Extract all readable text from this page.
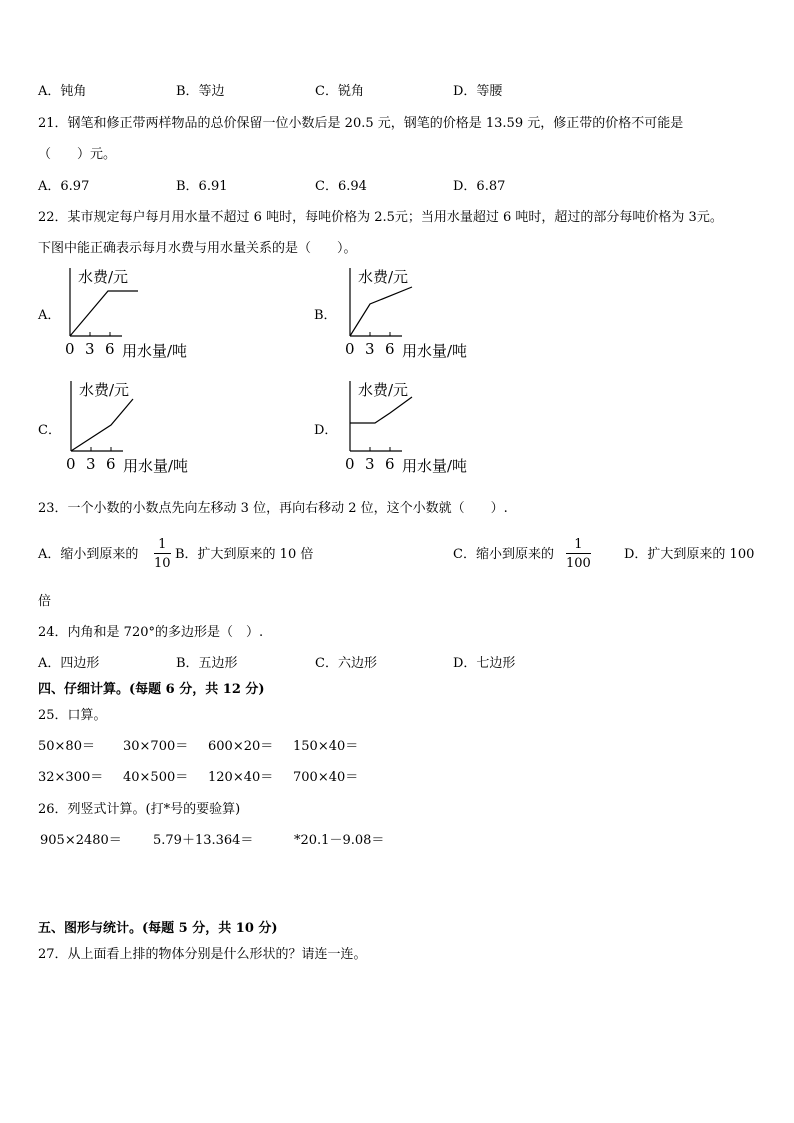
A．钝角	B．等边	C．锐角	D．等腰
21．钢笔和修正带两样物品的总价保留一位小数后是 20.5 元，钢笔的价格是 13.59 元，修正带的价格不可能是
（　　）元。
A．6.97	B．6.91	C．6.94	D．6.87
22．某市规定每户每月用水量不超过 6 吨时，每吨价格为 2.5元；当用水量超过 6 吨时，超过的部分每吨价格为 3元。
下图中能正确表示每月水费与用水量关系的是（　　）。
A．
水费/元
0 3 6 用水量/吨
B．
水费/元
0 3 6 用水量/吨
C．
水费/元
0 3 6 用水量/吨
D．
水费/元
0 3 6 用水量/吨
23．一个小数的小数点先向左移动 3 位，再向右移动 2 位，这个小数就（　　）.
A．缩小到原来的 $\frac{1}{10}$ B．扩大到原来的 10 倍	C．缩小到原来的 $\frac{1}{100}$	D．扩大到原来的 100
倍
24．内角和是 720°的多边形是（　）.
A．四边形	B．五边形	C．六边形	D．七边形
四、仔细计算。(每题 6 分，共 12 分)
25．口算。
50×80＝ 30×700＝ 600×20＝ 150×40＝
32×300＝ 40×500＝ 120×40＝ 700×40＝
26．列竖式计算。(打*号的要验算)
905×2480＝ 5.79＋13.364＝	*20.1－9.08＝
五、图形与统计。(每题 5 分，共 10 分)
27．从上面看上排的物体分别是什么形状的？请连一连。
